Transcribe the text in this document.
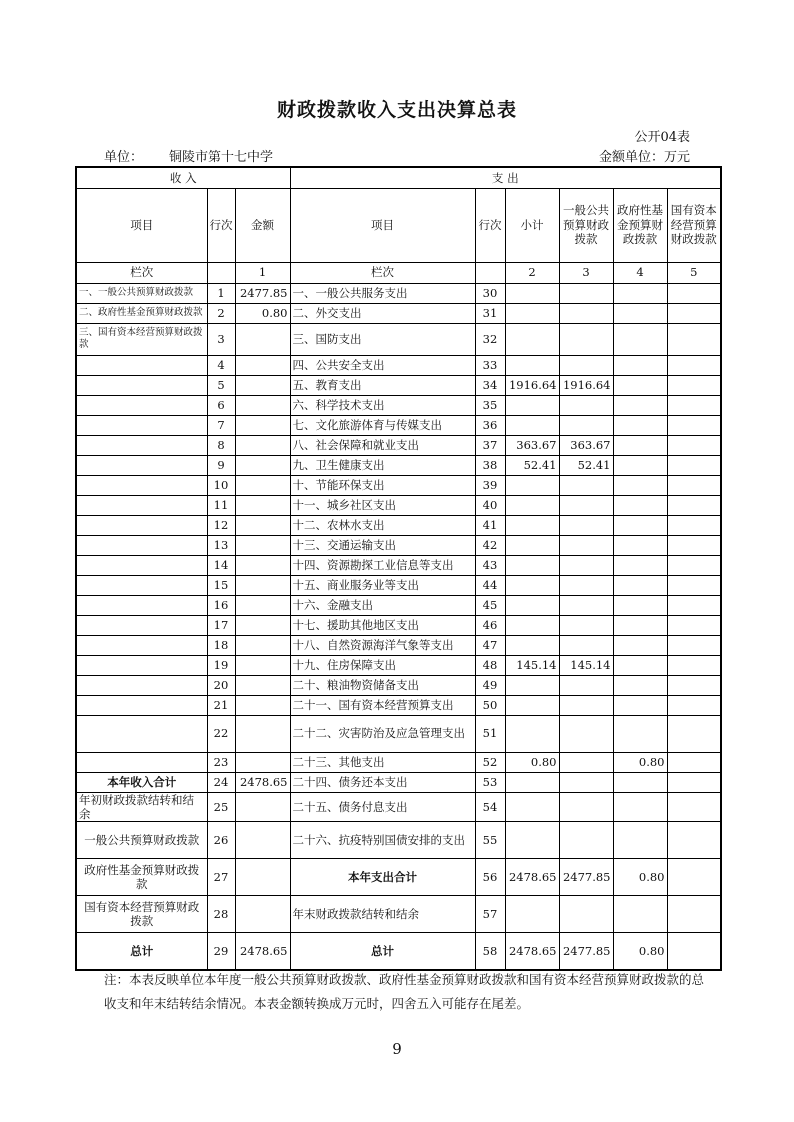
财政拨款收入支出决算总表
公开04表
单位： 铜陵市第十七中学	金额单位：万元
收 入			支 出					
项目	行次	金额	项目	行次	小计	一般公共预算财政拨款	政府性基金预算财政拨款	国有资本经营预算财政拨款
栏次		1	栏次		2	3	4	5
一、一般公共预算财政拨款	1	2477.85	一、一般公共服务支出	30				
二、政府性基金预算财政拨款	2	0.80	二、外交支出	31				
三、国有资本经营预算财政拨款	3		三、国防支出	32				
	4		四、公共安全支出	33				
	5		五、教育支出	34	1916.64	1916.64		
	6		六、科学技术支出	35				
	7		七、文化旅游体育与传媒支出	36				
	8		八、社会保障和就业支出	37	363.67	363.67		
	9		九、卫生健康支出	38	52.41	52.41		
	10		十、节能环保支出	39				
	11		十一、城乡社区支出	40				
	12		十二、农林水支出	41				
	13		十三、交通运输支出	42				
	14		十四、资源勘探工业信息等支出	43				
	15		十五、商业服务业等支出	44				
	16		十六、金融支出	45				
	17		十七、援助其他地区支出	46				
	18		十八、自然资源海洋气象等支出	47				
	19		十九、住房保障支出	48	145.14	145.14		
	20		二十、粮油物资储备支出	49				
	21		二十一、国有资本经营预算支出	50				
	22		二十二、灾害防治及应急管理支出	51				
	23		二十三、其他支出	52	0.80		0.80	
本年收入合计	24	2478.65	二十四、债务还本支出	53				
年初财政拨款结转和结余	25		二十五、债务付息支出	54				
一般公共预算财政拨款	26		二十六、抗疫特别国债安排的支出	55				
政府性基金预算财政拨款	27		本年支出合计	56	2478.65	2477.85	0.80	
国有资本经营预算财政拨款	28		年末财政拨款结转和结余	57				
总计	29	2478.65	总计	58	2478.65	2477.85	0.80	
注：本表反映单位本年度一般公共预算财政拨款、政府性基金预算财政拨款和国有资本经营预算财政拨款的总收支和年末结转结余情况。本表金额转换成万元时，四舍五入可能存在尾差。
9
